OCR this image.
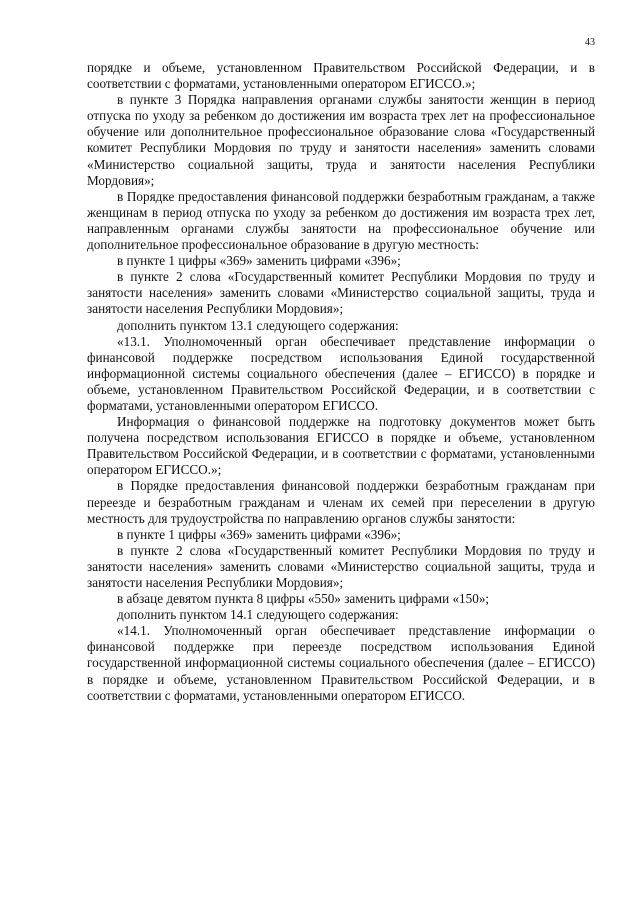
43

порядке и объеме, установленном Правительством Российской Федерации, и в соответствии с форматами, установленными оператором ЕГИССО.»;

в пункте 3 Порядка направления органами службы занятости женщин в период отпуска по уходу за ребенком до достижения им возраста трех лет на профессиональное обучение или дополнительное профессиональное образование слова «Государственный комитет Республики Мордовия по труду и занятости населения» заменить словами «Министерство социальной защиты, труда и занятости населения Республики Мордовия»;

в Порядке предоставления финансовой поддержки безработным гражданам, а также женщинам в период отпуска по уходу за ребенком до достижения им возраста трех лет, направленным органами службы занятости на профессиональное обучение или дополнительное профессиональное образование в другую местность:

в пункте 1 цифры «369» заменить цифрами «396»;

в пункте 2 слова «Государственный комитет Республики Мордовия по труду и занятости населения» заменить словами «Министерство социальной защиты, труда и занятости населения Республики Мордовия»;

дополнить пунктом 13.1 следующего содержания:

«13.1. Уполномоченный орган обеспечивает представление информации о финансовой поддержке посредством использования Единой государственной информационной системы социального обеспечения (далее – ЕГИССО) в порядке и объеме, установленном Правительством Российской Федерации, и в соответствии с форматами, установленными оператором ЕГИССО.

Информация о финансовой поддержке на подготовку документов может быть получена посредством использования ЕГИССО в порядке и объеме, установленном Правительством Российской Федерации, и в соответствии с форматами, установленными оператором ЕГИССО.»;

в Порядке предоставления финансовой поддержки безработным гражданам при переезде и безработным гражданам и членам их семей при переселении в другую местность для трудоустройства по направлению органов службы занятости:

в пункте 1 цифры «369» заменить цифрами «396»;

в пункте 2 слова «Государственный комитет Республики Мордовия по труду и занятости населения» заменить словами «Министерство социальной защиты, труда и занятости населения Республики Мордовия»;

в абзаце девятом пункта 8 цифры «550» заменить цифрами «150»;

дополнить пунктом 14.1 следующего содержания:

«14.1. Уполномоченный орган обеспечивает представление информации о финансовой поддержке при переезде посредством использования Единой государственной информационной системы социального обеспечения (далее – ЕГИССО) в порядке и объеме, установленном Правительством Российской Федерации, и в соответствии с форматами, установленными оператором ЕГИССО.
